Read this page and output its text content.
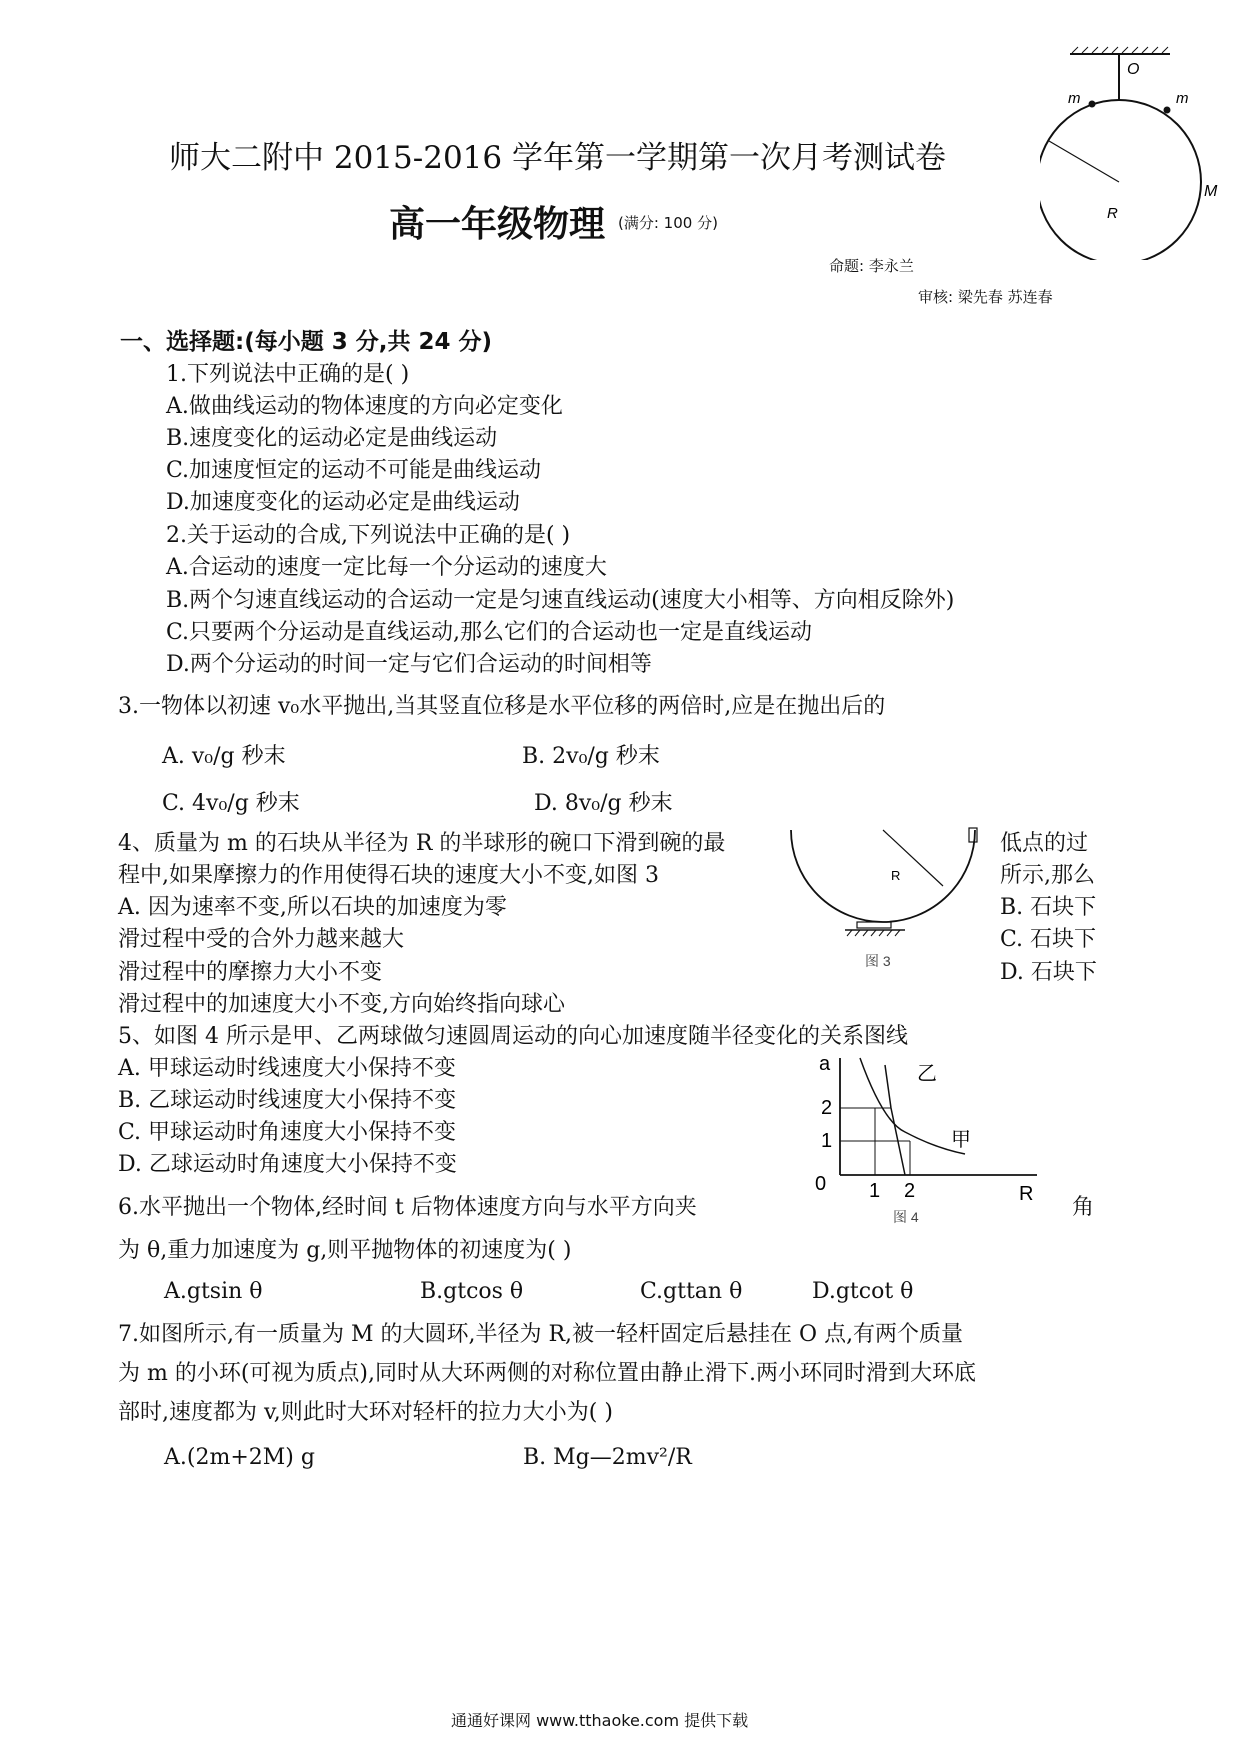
O
m	m
M
R
师大二附中 2015-2016 学年第一学期第一次月考测试卷
高一年级物理 (满分: 100 分)
命题: 李永兰
审核: 梁先春 苏连春
一、选择题:(每小题 3 分,共 24 分)
1.下列说法中正确的是( )
A.做曲线运动的物体速度的方向必定变化
B.速度变化的运动必定是曲线运动
C.加速度恒定的运动不可能是曲线运动
D.加速度变化的运动必定是曲线运动
2.关于运动的合成,下列说法中正确的是( )
A.合运动的速度一定比每一个分运动的速度大
B.两个匀速直线运动的合运动一定是匀速直线运动(速度大小相等、方向相反除外)
C.只要两个分运动是直线运动,那么它们的合运动也一定是直线运动
D.两个分运动的时间一定与它们合运动的时间相等
3.一物体以初速 v₀水平抛出,当其竖直位移是水平位移的两倍时,应是在抛出后的
A. v₀/g 秒末	B. 2v₀/g 秒末
C. 4v₀/g 秒末	D. 8v₀/g 秒末
4、质量为 m 的石块从半径为 R 的半球形的碗口下滑到碗的最	低点的过
程中,如果摩擦力的作用使得石块的速度大小不变,如图 3	所示,那么
A. 因为速率不变,所以石块的加速度为零	B. 石块下
滑过程中受的合外力越来越大	C. 石块下
滑过程中的摩擦力大小不变	D. 石块下
滑过程中的加速度大小不变,方向始终指向球心
R
图 3
5、如图 4 所示是甲、乙两球做匀速圆周运动的向心加速度随半径变化的关系图线
A. 甲球运动时线速度大小保持不变
B. 乙球运动时线速度大小保持不变
C. 甲球运动时角速度大小保持不变
D. 乙球运动时角速度大小保持不变
a
2
1
0 1 2	R
乙
甲
图 4
6.水平抛出一个物体,经时间 t 后物体速度方向与水平方向夹	角
为 θ,重力加速度为 g,则平抛物体的初速度为( )
A.gtsin θ	B.gtcos θ	C.gttan θ	D.gtcot θ
7.如图所示,有一质量为 M 的大圆环,半径为 R,被一轻杆固定后悬挂在 O 点,有两个质量
为 m 的小环(可视为质点),同时从大环两侧的对称位置由静止滑下.两小环同时滑到大环底
部时,速度都为 v,则此时大环对轻杆的拉力大小为( )
A.(2m+2M) g	B. Mg—2mv²/R
通通好课网 www.tthaoke.com 提供下载
